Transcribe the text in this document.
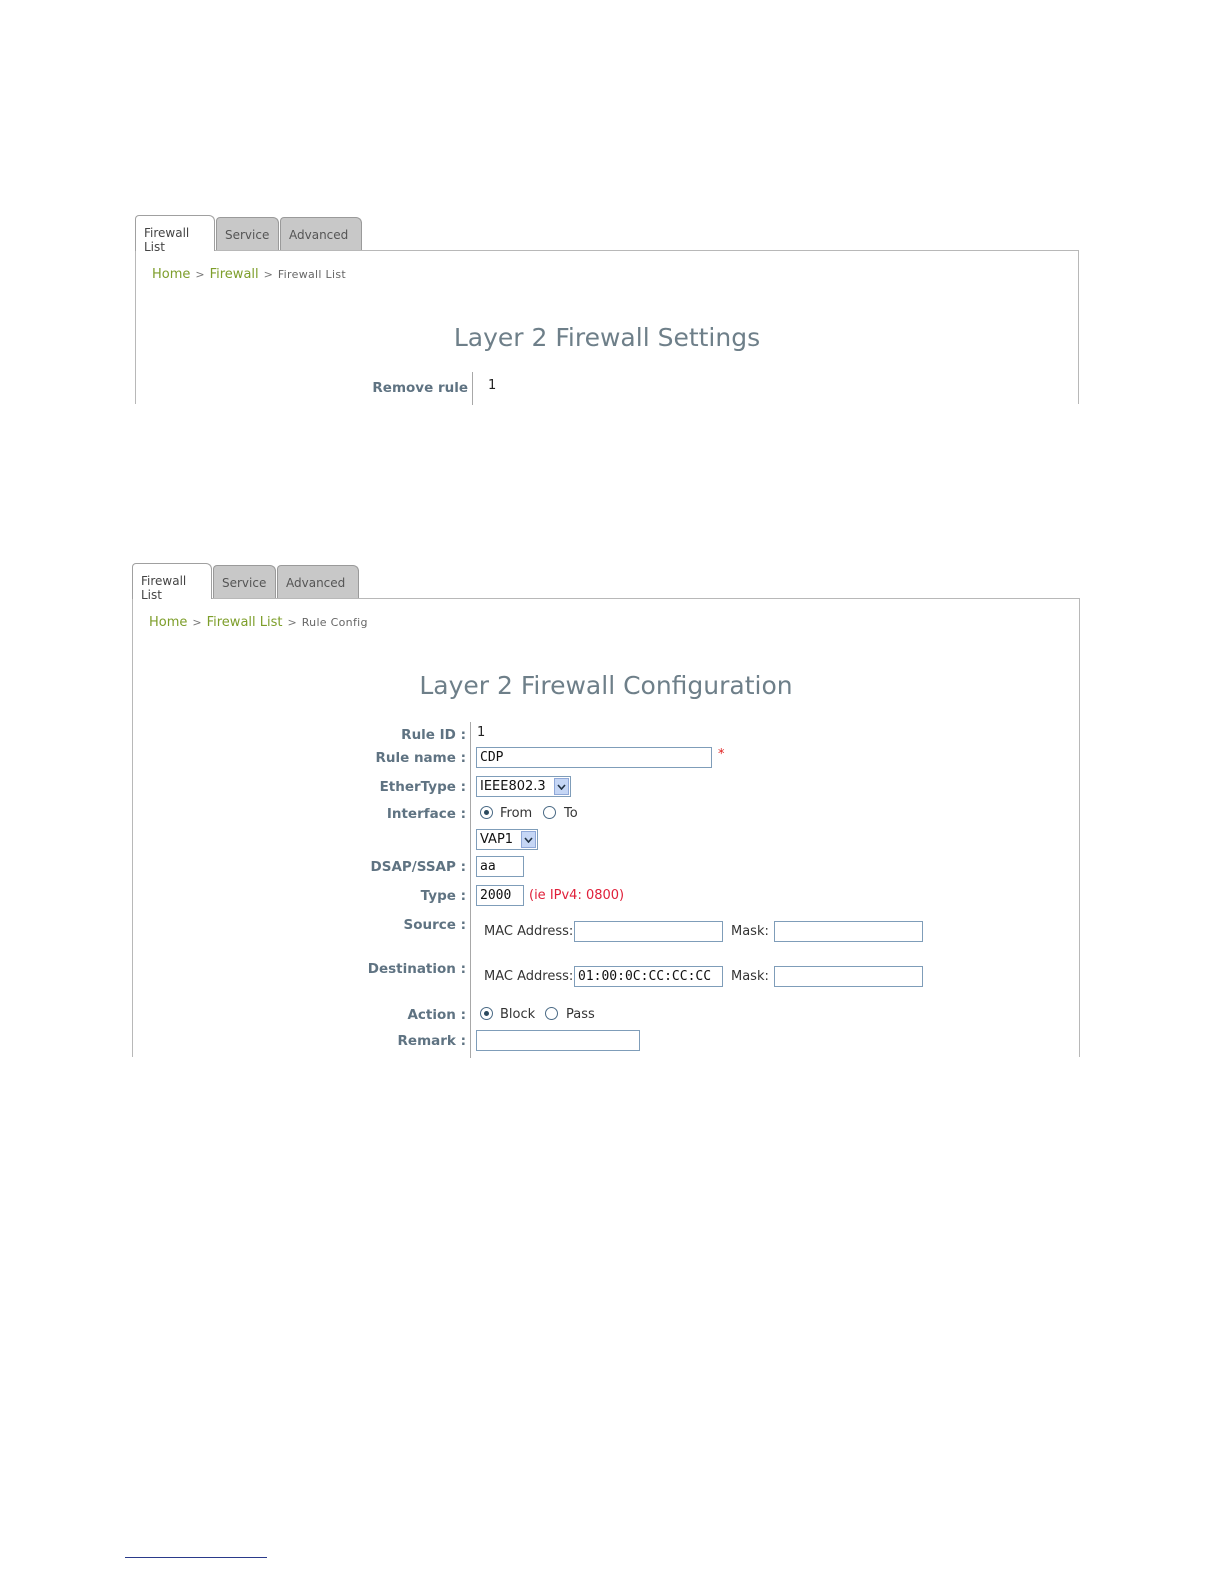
Firewall List
Service	Advanced
Home > Firewall > Firewall List
Layer 2 Firewall Settings
Remove rule 1
Firewall List
Service	Advanced
Home > Firewall List > Rule Config
Layer 2 Firewall Configuration
Rule ID : 1
Rule name :	CDP	*
EtherType :	IEEE802.3
Interface :	From To
VAP1
DSAP/SSAP :	aa
Type :	2000	(ie IPv4: 0800)
Source : MAC Address:	Mask:
Destination : MAC Address: 01:00:0C:CC:CC:CC	Mask:
Action :	Block Pass
Remark :
